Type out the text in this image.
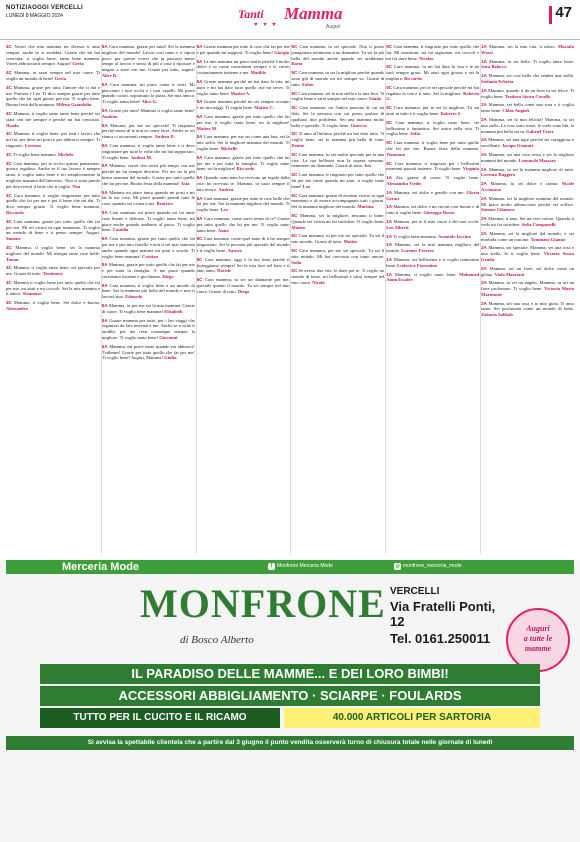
NOTIZIAOGGI VERCELLI
LUNEDÌ 8 MAGGIO 2024	Tanti Mamma
♥ ♥ ♥	Auguri
47

4C Vorrei che mia mamma mi dicesse ti amo sempre, anche se si arrabbia. Grazie che mi hai cresciuta, ti voglio bene, tanto bene mamma. Vorrei abbracciarti sempre. Auguri! Greta

4C Mamma, tu sarai sempre nel mio cuore. Ti voglio un mondo di bene! Greta

4C Mamma, grazie per tutto l'amore che ti dai e me. Patrizia e Lea. Ti dico sempre grazie per tutto quello che fai ogni giorno per noi. Ti voglio bene. Buona festa della mamma. Milena Grandolia

4C Mamma, ti voglio tanto tanto bene perché sei stata con me sempre e perché mi hai cresciuta. Ilyadn

4C Mamma, ti voglio bene, per tutti i lavori che mi fai, per dove mi porti e per abbracci sempre. Ti ringrazio. Lorenzo

4C Ti voglio bene mamma. Michele

4C Cara mamma, per te scrivo questo pensierino, questo regalino. Anche se il tuo lavoro è sempre tanto, ti voglio tanto bene e sei semplicemente la migliore mamma dell'universo. Non ci sono parole per descriverti il bene che ti voglio. Noa

4C Cara mamma, ti voglio ringraziare per tutto quello che fai per me e per il bene che mi dai. Ti dico sempre grazie. Ti voglio bene mamma. Riccardo

4C Cara mamma, grazie per tutto quello che fai per noi. Mi sei vicino in ogni momento. Ti voglio un mondo di bene e ti penso sempre. Auguri. Simone

4C Mamma, ti voglio bene, sei la mamma migliore del mondo. Mi insegni tante cose belle. Tomas

4C Mamma, ti voglio tanto bene, sei speciale per me. Grazie di tutto. Testimony

4C Mamma ti voglio bene per tutto quello che fai per me, mi aiuti e mi coccoli. Sei la mia mamma e ti adoro. Tommaso

4C Mamma, ti voglio bene. Sei dolce e buona. Alessandro

5A Cara mamma, grazie per tutto! Sei la mamma migliore del mondo! Lavori così tanto e ti riposi poco: per questo vorrei che tu passassi meno tempo al lavoro e stessi di più a casa a riposare e magari a stare con me. Grazie per tutto, auguri! Alice B.

5A Cara mamma, mi piace come ti vesti. Mi piacciono i tuoi occhi e i tuoi capelli. Mi piace quando cucini, soprattutto la pizza. Sei mia amica. Ti voglio tanto bene! Alice G.

5A Grazie per tutto! Mamma ti voglio tanto bene! Anakim

5A Mamma, per me sei speciale! Ti ringrazio perché senza di te non so come farei. Anche se sei stanca ci accontenti sempre. Andrea D.

5A Cara mamma, ti voglio tanto bene e ti devo ringraziare per tutte le volte che mi hai supportato. Ti voglio bene. Andrea M.

5A Mamma, vorrei che stessi più tempo con me perché mi fai sempre divertire. Per me sei la più brava mamma del mondo. Grazie per tutto quello che fai per me. Buona festa della mamma! Asia

5A Mamma mi piace tanto quando mi porti a mi fai le tue cose. Mi piace quando prendi tutte le cose, quando sei vicina a me. Beatrice

5A Cara mamma, mi piace quando mi fai tante cose buone e delicate. Ti voglio tanto bene, mi piace anche quando andiamo al parco. Ti voglio bene. Camilla

5A Cara mamma, grazie per tutto quello che fai per me e per mio fratello e non ti sei mai stancata anche quando ogni mattina mi porti a scuola. Ti voglio bene mamma! Cristian

5A Mamma, grazie per tutto quello che fai per me e per tutta la famiglia. A me piace quando cuciniamo insieme e giochiamo. Diego

5A Cara mamma, ti voglio bene e un mondo di bene. Sei la mamma più bella del mondo e non ti lascerò mai. Edoardo

5A Mamma, tu per me sei la mia mamma. Grazie di cuore. Ti voglio bene mamma! Elisabeth

5A Grazie mamma per tutto, per i bei viaggi che organizzi da fare insieme a me. Anche se a volte ti arrabbi, per me resti comunque sempre la migliore. Ti voglio tanto bene! Giovanni

5A Mamma, mi piace tanto quando mi abbracci! Tvdbmm! Grazie per tutto quello che fai per me! Ti voglio bene! Auguri, Mamma! Giulia

5A Grazie mamma per tutte le cose che fai per me e per quando mi supporti. Ti voglio bene! Giorgio

5A La mia mamma mi piace molto perché è molto dolce e sa come consolarmi sempre e le vorrei costantemente insieme a me. Matilde

5A Grazie mamma perché mi hai dato la vita, mi nutri e mi hai dato tutto quello che mi serve. Ti voglio tanto bene. Matteo A.

5A Grazie mamma perché mi sei sempre accanto e mi incoraggi. Ti voglio bene. Matteo C.

5A Cara mamma, grazie per tutto quello che fai per me, ti voglio tanto bene, sei la migliore! Matteo M.

5A Cara mamma, per me sei come una fata, sei la mia stella. Sei la migliore mamma del mondo. Ti voglio bene. Michelle

5A Cara mamma, grazie per tutto quello che fai per me e per tutta la famiglia. Ti voglio tanto bene, sei la migliore! Riccardo

5A Quando sono nato ho ricevuto un regalo dalla vita: ho ricevuto te. Mamma, tu sarai sempre il mio tesoro. Andrea

5A Cara mamma, grazie per tutte le cose belle che fai per me. Sei la mamma migliore del mondo. Ti voglio bene. Leo

5A Cara mamma, come sarei senza di te? Grazie per tutto quello che fai per me. Ti voglio tanto tanto bene. Anna

5C Cara mamma, come quel anno di ti ho sempre ringraziato. Sei la persona più speciale del mondo e ti voglio bene. Aurora

5C Cara mamma, oggi è la tua festa perché ti festeggiamo sempre! Sei la mia luce nel buio e ti amo tanto. Davide

5C Cara mamma, tu sei un diamante per me, speciale quanto il mondo. Tu sei sempre nel mio cuore. Grazie di tutto. Diego

5C Cara mamma, tu sei speciale. Non ti posso paragonare nemmeno a un diamante. Tu sei la più bella del mondo anche quando sei arrabbiata. Ilaria

5C Cara mamma, tu sei la migliore perché quando sono giù di morale mi tiri sempre su. Grazie di tutto. Fabio

5C Cara mamma, sei la mia stella e la mia luce. Ti voglio bene e sarai sempre nel mio cuore. Giada

5C Cara mamma, sei l'unica persona di cui mi fido. Sei la persona con cui posso parlare di qualsiasi mio problema. Sei una mamma molto bella e speciale. Ti voglio bene. Ginevra

5C Ti amo all'infinito perché mi hai dato tutto. Ti voglio bene, sei la mamma più bella di tutte. Denise

5C Cara mamma, tu sei molto speciale per la mia vita. La tua bellezza non la supera nessuno, nemmeno un diamante. Grazie di tutto. Iris

5C Cara mamma, ti ringrazio per tutto quello che fai per me come quando mi aiuti, ti voglio tanto bene! Leo

5C Cara mamma, grazie di essermi vicino in ogni momento e di essere accompagnata tutti i giorni. Sei la mamma migliore del mondo. Martina

5C Mamma, sei la migliore, nessuno ti batte. Quando sei vicina mi fai sorridere. Ti voglio bene. Matteo

5C Cara mamma, tu per me sei speciale. Tu sei il mio mondo. Grazie di tutto. Mattia

5C Cara mamma, per me sei speciale. Tu sei il mio mondo. Mi hai cresciuto con tanto amore. Sofia

5C Se avessi due vite, le darei per te. Ti voglio un mondo di bene, sei bellissima e sarai sempre nel mio cuore. Nicolò

5C Cara mamma, ti ringrazio per tutto quello che fai. Mi emozioni, mi fai ragionare, mi coccoli e mi fai stare bene. Nicolas

5C Cara mamma, tu mi hai dato la vita e te ne sarò sempre grato. Mi aiuti ogni giorno e sei la migliore. Riccardo

5C Cara mamma, per te sei speciale perché mi hai regalato la vita e ti amo. Sei la migliore. Roberto G.

5C Cara mamma, per te sei la migliore. Tu mi aiuti in tutto e ti voglio bene. Roberto S.

5C Cara mamma, ti voglio tanto bene, sei bellissima e fantastica. Sei unica nella vita. Ti voglio bene. Sofia

5C Cara mamma, ti voglio bene per tutto quello che fai per me. Buona festa della mamma. Tommaso

5C Cara mamma, ti ringrazio per i bellissimi momenti passati insieme. Ti voglio bene. Virginia

1A Zia, grazie di cuore. Ti voglio bene. Alessandra Virdis

1A Mamma, sei dolce e gentile con me. Gloria Geraci

1A Mamma, sei dolce e mi cucini cose buone e di tutto ti voglio bene. Giuseppe Russo

1A Mamma, per te il mio cuore è dei tuoi occhi. Leo Alberti

1A Ti voglio bene mamma. Aramide Iaccina

1A Mamma, sei la mia mamma migliore del mondo. Lorenzo Ferrero

1A Mamma, sei bellissima e ti voglio tantissimo bene. Ludovica Fiorentino

1A Mamma, ti voglio tanto bene. Mohamed Amin Essalee

1A Mamma, sei la mia vita, ti adoro. Mostafa Wasei

1A Mamma, tu sei bella. Ti voglio tanto bene. Sara Balocco

1A Mamma, sei così bella che sembri una stella. Stefania Erbetta

1A Mamma, quando ti do un fiore tu sei felice. Ti voglio bene. Teodora Sixtra Covallo

2A Mamma, sei bella come una rosa e ti voglio tanto bene. Chloe Angioli

2A Mamma, sei la mia felicità! Mamma, tu sei una stella. Le rose sono rosse, le viole sono blu, la mamma più bella sei tu. Gabriel Tzarr

2A Mamma, sei una tigre perché sei coraggiosa e excellente. Jacopo Gennari

2A Mamma, sei una rosa rossa e sei la migliore mamma del mondo. Leonardo Massaro

2A Mamma, tu sei la mamma migliore di tutte. Lorenzo Ruggero

2A Mamma, tu sei dolce e carina. Nicole Accinnesa

2A Mamma, sei la migliore mamma del mondo. Mi piace molto abbracciarti perché sei soffice. Simone Cifanova

2A Mamma, ti amo. Sei un vero colore. Quando ti vedo mi fai sorridere. Sofia Campanelli

2A Mamma, sei la migliore del mondo, e sei morbida come un cuscino. Tommaso Gianno

2A Mamma, sei speciale. Mamma, sei una rosa e una stella. Io ti voglio bene. Victoria Sruza Gruda

2A Mamma, sei un fiore, sei dolce come un gelato. Viola Mazzanti

2A Mamma, tu sei un angelo. Mamma, tu sei un fiore profumato. Ti voglio bene. Victoria Maria Martinotti

2A Mamma, sei una rosa e io mio gioia. Ti amo tanto. Sei profumata come un mondo di bene. Zakaria Sabbah

Merceria Mode	f Monfrone Merceria Mode	◎ monfrone_merceria_mode
MONFRONE
di Bosco Alberto
VERCELLI
Via Fratelli Ponti, 12
Tel. 0161.250011
Auguri
a tutte le
mamme
IL PARADISO DELLE MAMME... E DEI LORO BIMBI!
ACCESSORI ABBIGLIAMENTO · SCIARPE · FOULARDS
TUTTO PER IL CUCITO E IL RICAMO	40.000 ARTICOLI PER SARTORIA
Si avvisa la spettabile clientela che a partire dal 3 giugno il punto vendita osserverà turno di chiusura totale nelle giornate di lunedì
